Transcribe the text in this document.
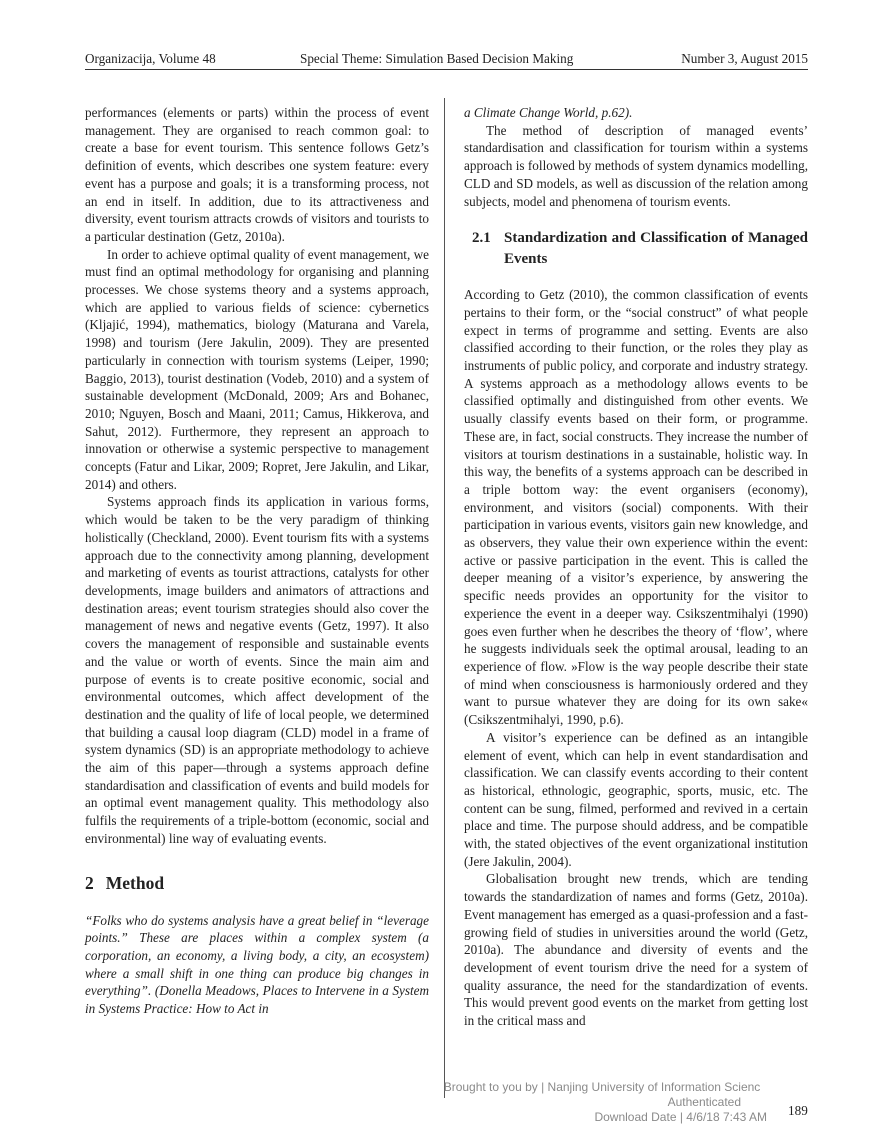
Organizacija, Volume 48	Special Theme: Simulation Based Decision Making	Number 3, August 2015

performances (elements or parts) within the process of event management. They are organised to reach common goal: to create a base for event tourism. This sentence follows Getz’s definition of events, which describes one system feature: every event has a purpose and goals; it is a transforming process, not an end in itself. In addition, due to its attractiveness and diversity, event tourism attracts crowds of visitors and tourists to a particular destination (Getz, 2010a).

In order to achieve optimal quality of event management, we must find an optimal methodology for organising and planning processes. We chose systems theory and a systems approach, which are applied to various fields of science: cybernetics (Kljajić, 1994), mathematics, biology (Maturana and Varela, 1998) and tourism (Jere Jakulin, 2009). They are presented particularly in connection with tourism systems (Leiper, 1990; Baggio, 2013), tourist destination (Vodeb, 2010) and a system of sustainable development (McDonald, 2009; Ars and Bohanec, 2010; Nguyen, Bosch and Maani, 2011; Camus, Hikkerova, and Sahut, 2012). Furthermore, they represent an approach to innovation or otherwise a systemic perspective to management concepts (Fatur and Likar, 2009; Ropret, Jere Jakulin, and Likar, 2014) and others.

Systems approach finds its application in various forms, which would be taken to be the very paradigm of thinking holistically (Checkland, 2000). Event tourism fits with a systems approach due to the connectivity among planning, development and marketing of events as tourist attractions, catalysts for other developments, image builders and animators of attractions and destination areas; event tourism strategies should also cover the management of news and negative events (Getz, 1997). It also covers the management of responsible and sustainable events and the value or worth of events. Since the main aim and purpose of events is to create positive economic, social and environmental outcomes, which affect development of the destination and the quality of life of local people, we determined that building a causal loop diagram (CLD) model in a frame of system dynamics (SD) is an appropriate methodology to achieve the aim of this paper—through a systems approach define standardisation and classification of events and build models for an optimal event management quality. This methodology also fulfils the requirements of a triple-bottom (economic, social and environmental) line way of evaluating events.

2 Method

“Folks who do systems analysis have a great belief in “leverage points.” These are places within a complex system (a corporation, an economy, a living body, a city, an ecosystem) where a small shift in one thing can produce big changes in everything”. (Donella Meadows, Places to Intervene in a System in Systems Practice: How to Act in

a Climate Change World, p.62).

The method of description of managed events’ standardisation and classification for tourism within a systems approach is followed by methods of system dynamics modelling, CLD and SD models, as well as discussion of the relation among subjects, model and phenomena of tourism events.

2.1 Standardization and Classification of Managed Events

According to Getz (2010), the common classification of events pertains to their form, or the “social construct” of what people expect in terms of programme and setting. Events are also classified according to their function, or the roles they play as instruments of public policy, and corporate and industry strategy. A systems approach as a methodology allows events to be classified optimally and distinguished from other events. We usually classify events based on their form, or programme. These are, in fact, social constructs. They increase the number of visitors at tourism destinations in a sustainable, holistic way. In this way, the benefits of a systems approach can be described in a triple bottom way: the event organisers (economy), environment, and visitors (social) components. With their participation in various events, visitors gain new knowledge, and as observers, they value their own experience within the event: active or passive participation in the event. This is called the deeper meaning of a visitor’s experience, by answering the specific needs provides an opportunity for the visitor to experience the event in a deeper way. Csikszentmihalyi (1990) goes even further when he describes the theory of ‘flow’, where he suggests individuals seek the optimal arousal, leading to an experience of flow. »Flow is the way people describe their state of mind when consciousness is harmoniously ordered and they want to pursue whatever they are doing for its own sake« (Csikszentmihalyi, 1990, p.6).

A visitor’s experience can be defined as an intangible element of event, which can help in event standardisation and classification. We can classify events according to their content as historical, ethnologic, geographic, sports, music, etc. The content can be sung, filmed, performed and revived in a certain place and time. The purpose should address, and be compatible with, the stated objectives of the event organizational institution (Jere Jakulin, 2004).

Globalisation brought new trends, which are tending towards the standardization of names and forms (Getz, 2010a). Event management has emerged as a quasi-profession and a fast-growing field of studies in universities around the world (Getz, 2010a). The abundance and diversity of events and the development of event tourism drive the need for a system of quality assurance, the need for the standardization of events. This would prevent good events on the market from getting lost in the critical mass and

Brought to you by | Nanjing University of Information Scienc
Authenticated
Download Date | 4/6/18 7:43 AM 189
